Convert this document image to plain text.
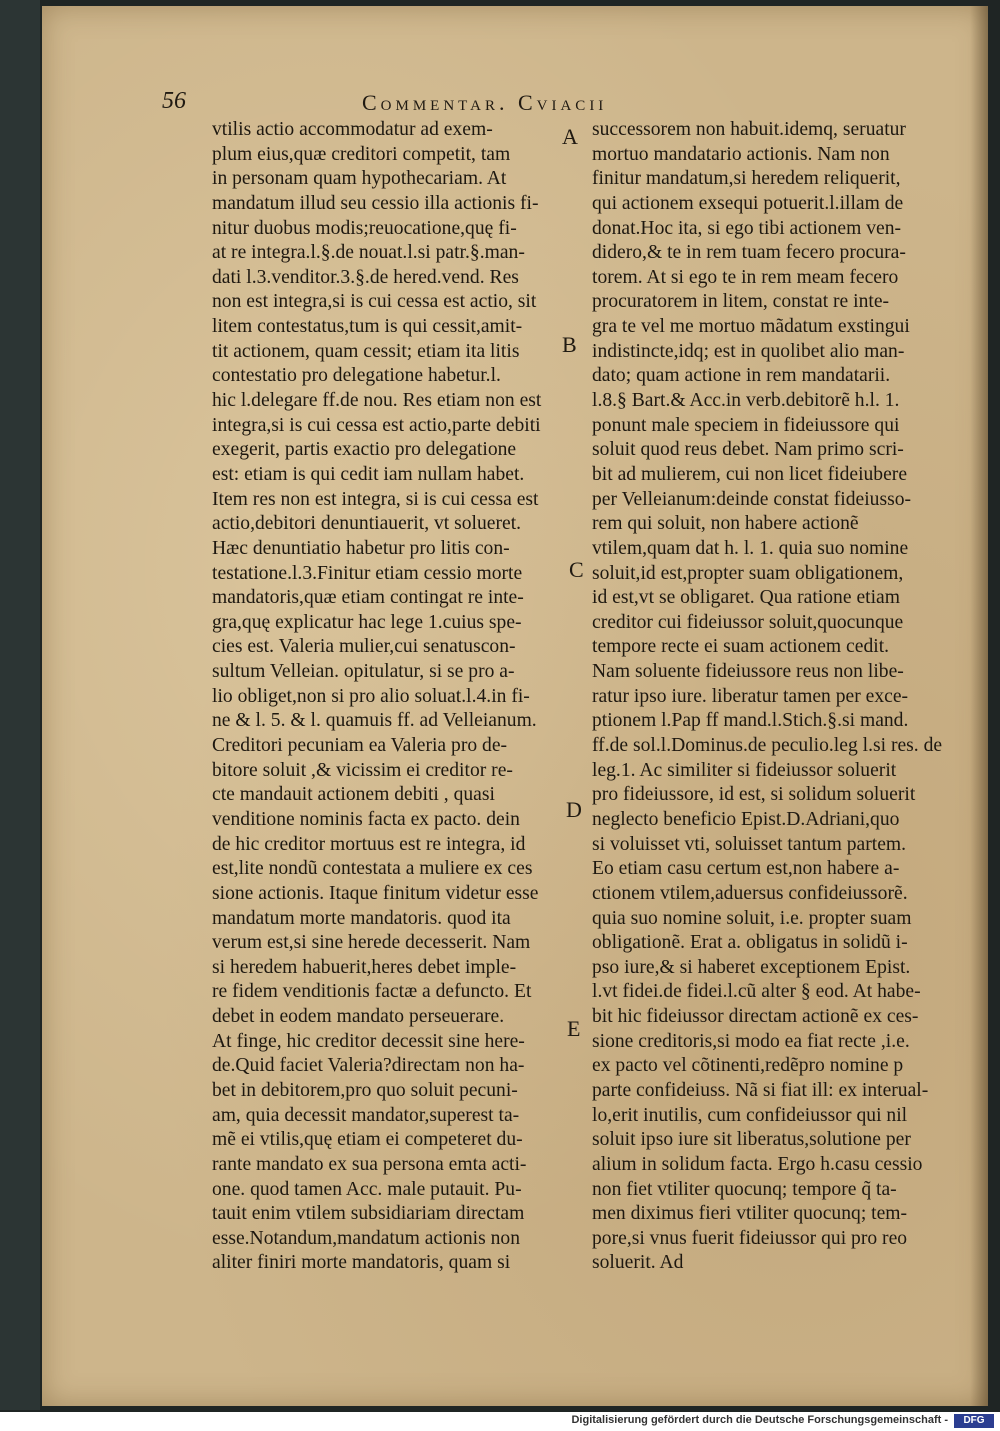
56	Commentar. Cviacii
vtilis actio accommodatur ad exem-
plum eius,quæ creditori competit, tam
in personam quam hypothecariam. At
mandatum illud seu cessio illa actionis fi-
nitur duobus modis;reuocatione,quę fi-
at re integra.l.§.de nouat.l.si patr.§.man-
dati l.3.venditor.3.§.de hered.vend. Res
non est integra,si is cui cessa est actio, sit
litem contestatus,tum is qui cessit,amit-
tit actionem, quam cessit; etiam ita litis
contestatio pro delegatione habetur.l.
hic l.delegare ff.de nou. Res etiam non est
integra,si is cui cessa est actio,parte debiti
exegerit, partis exactio pro delegatione
est: etiam is qui cedit iam nullam habet.
Item res non est integra, si is cui cessa est
actio,debitori denuntiauerit, vt solueret.
Hæc denuntiatio habetur pro litis con-
testatione.l.3.Finitur etiam cessio morte
mandatoris,quæ etiam contingat re inte-
gra,quę explicatur hac lege 1.cuius spe-
cies est. Valeria mulier,cui senatuscon-
sultum Velleian. opitulatur, si se pro a-
lio obliget,non si pro alio soluat.l.4.in fi-
ne & l. 5. & l. quamuis ff. ad Velleianum.
Creditori pecuniam ea Valeria pro de-
bitore soluit ,& vicissim ei creditor re-
cte mandauit actionem debiti , quasi
venditione nominis facta ex pacto. dein
de hic creditor mortuus est re integra, id
est,lite nondũ contestata a muliere ex ces
sione actionis. Itaque finitum videtur esse
mandatum morte mandatoris. quod ita
verum est,si sine herede decesserit. Nam
si heredem habuerit,heres debet imple-
re fidem venditionis factæ a defuncto. Et
debet in eodem mandato perseuerare.
At finge, hic creditor decessit sine here-
de.Quid faciet Valeria?directam non ha-
bet in debitorem,pro quo soluit pecuni-
am, quia decessit mandator,superest ta-
mẽ ei vtilis,quę etiam ei competeret du-
rante mandato ex sua persona emta acti-
one. quod tamen Acc. male putauit. Pu-
tauit enim vtilem subsidiariam directam
esse.Notandum,mandatum actionis non
aliter finiri morte mandatoris, quam si
successorem non habuit.idemq, seruatur
mortuo mandatario actionis. Nam non
finitur mandatum,si heredem reliquerit,
qui actionem exsequi potuerit.l.illam de
donat.Hoc ita, si ego tibi actionem ven-
didero,& te in rem tuam fecero procura-
torem. At si ego te in rem meam fecero
procuratorem in litem, constat re inte-
gra te vel me mortuo mãdatum exstingui
indistincte,idq; est in quolibet alio man-
dato; quam actione in rem mandatarii.
l.8.§ Bart.& Acc.in verb.debitorẽ h.l. 1.
ponunt male speciem in fideiussore qui
soluit quod reus debet. Nam primo scri-
bit ad mulierem, cui non licet fideiubere
per Velleianum:deinde constat fideiusso-
rem qui soluit, non habere actionẽ
vtilem,quam dat h. l. 1. quia suo nomine
soluit,id est,propter suam obligationem,
id est,vt se obligaret. Qua ratione etiam
creditor cui fideiussor soluit,quocunque
tempore recte ei suam actionem cedit.
Nam soluente fideiussore reus non libe-
ratur ipso iure. liberatur tamen per exce-
ptionem l.Pap ff mand.l.Stich.§.si mand.
ff.de sol.l.Dominus.de peculio.leg l.si res. de
leg.1. Ac similiter si fideiussor soluerit
pro fideiussore, id est, si solidum soluerit
neglecto beneficio Epist.D.Adriani,quo
si voluisset vti, soluisset tantum partem.
Eo etiam casu certum est,non habere a-
ctionem vtilem,aduersus confideiussorẽ.
quia suo nomine soluit, i.e. propter suam
obligationẽ. Erat a. obligatus in solidũ i-
pso iure,& si haberet exceptionem Epist.
l.vt fidei.de fidei.l.cũ alter § eod. At habe-
bit hic fideiussor directam actionẽ ex ces-
sione creditoris,si modo ea fiat recte ,i.e.
ex pacto vel cõtinenti,redẽpro nomine p
parte confideiuss. Nã si fiat ill: ex interual-
lo,erit inutilis, cum confideiussor qui nil
soluit ipso iure sit liberatus,solutione per
alium in solidum facta. Ergo h.casu cessio
non fiet vtiliter quocunq; tempore q̃ ta-
men diximus fieri vtiliter quocunq; tem-
pore,si vnus fuerit fideiussor qui pro reo
soluerit. Ad
A
B
C
D
E
Digitalisierung gefördert durch die Deutsche Forschungsgemeinschaft -	DFG
